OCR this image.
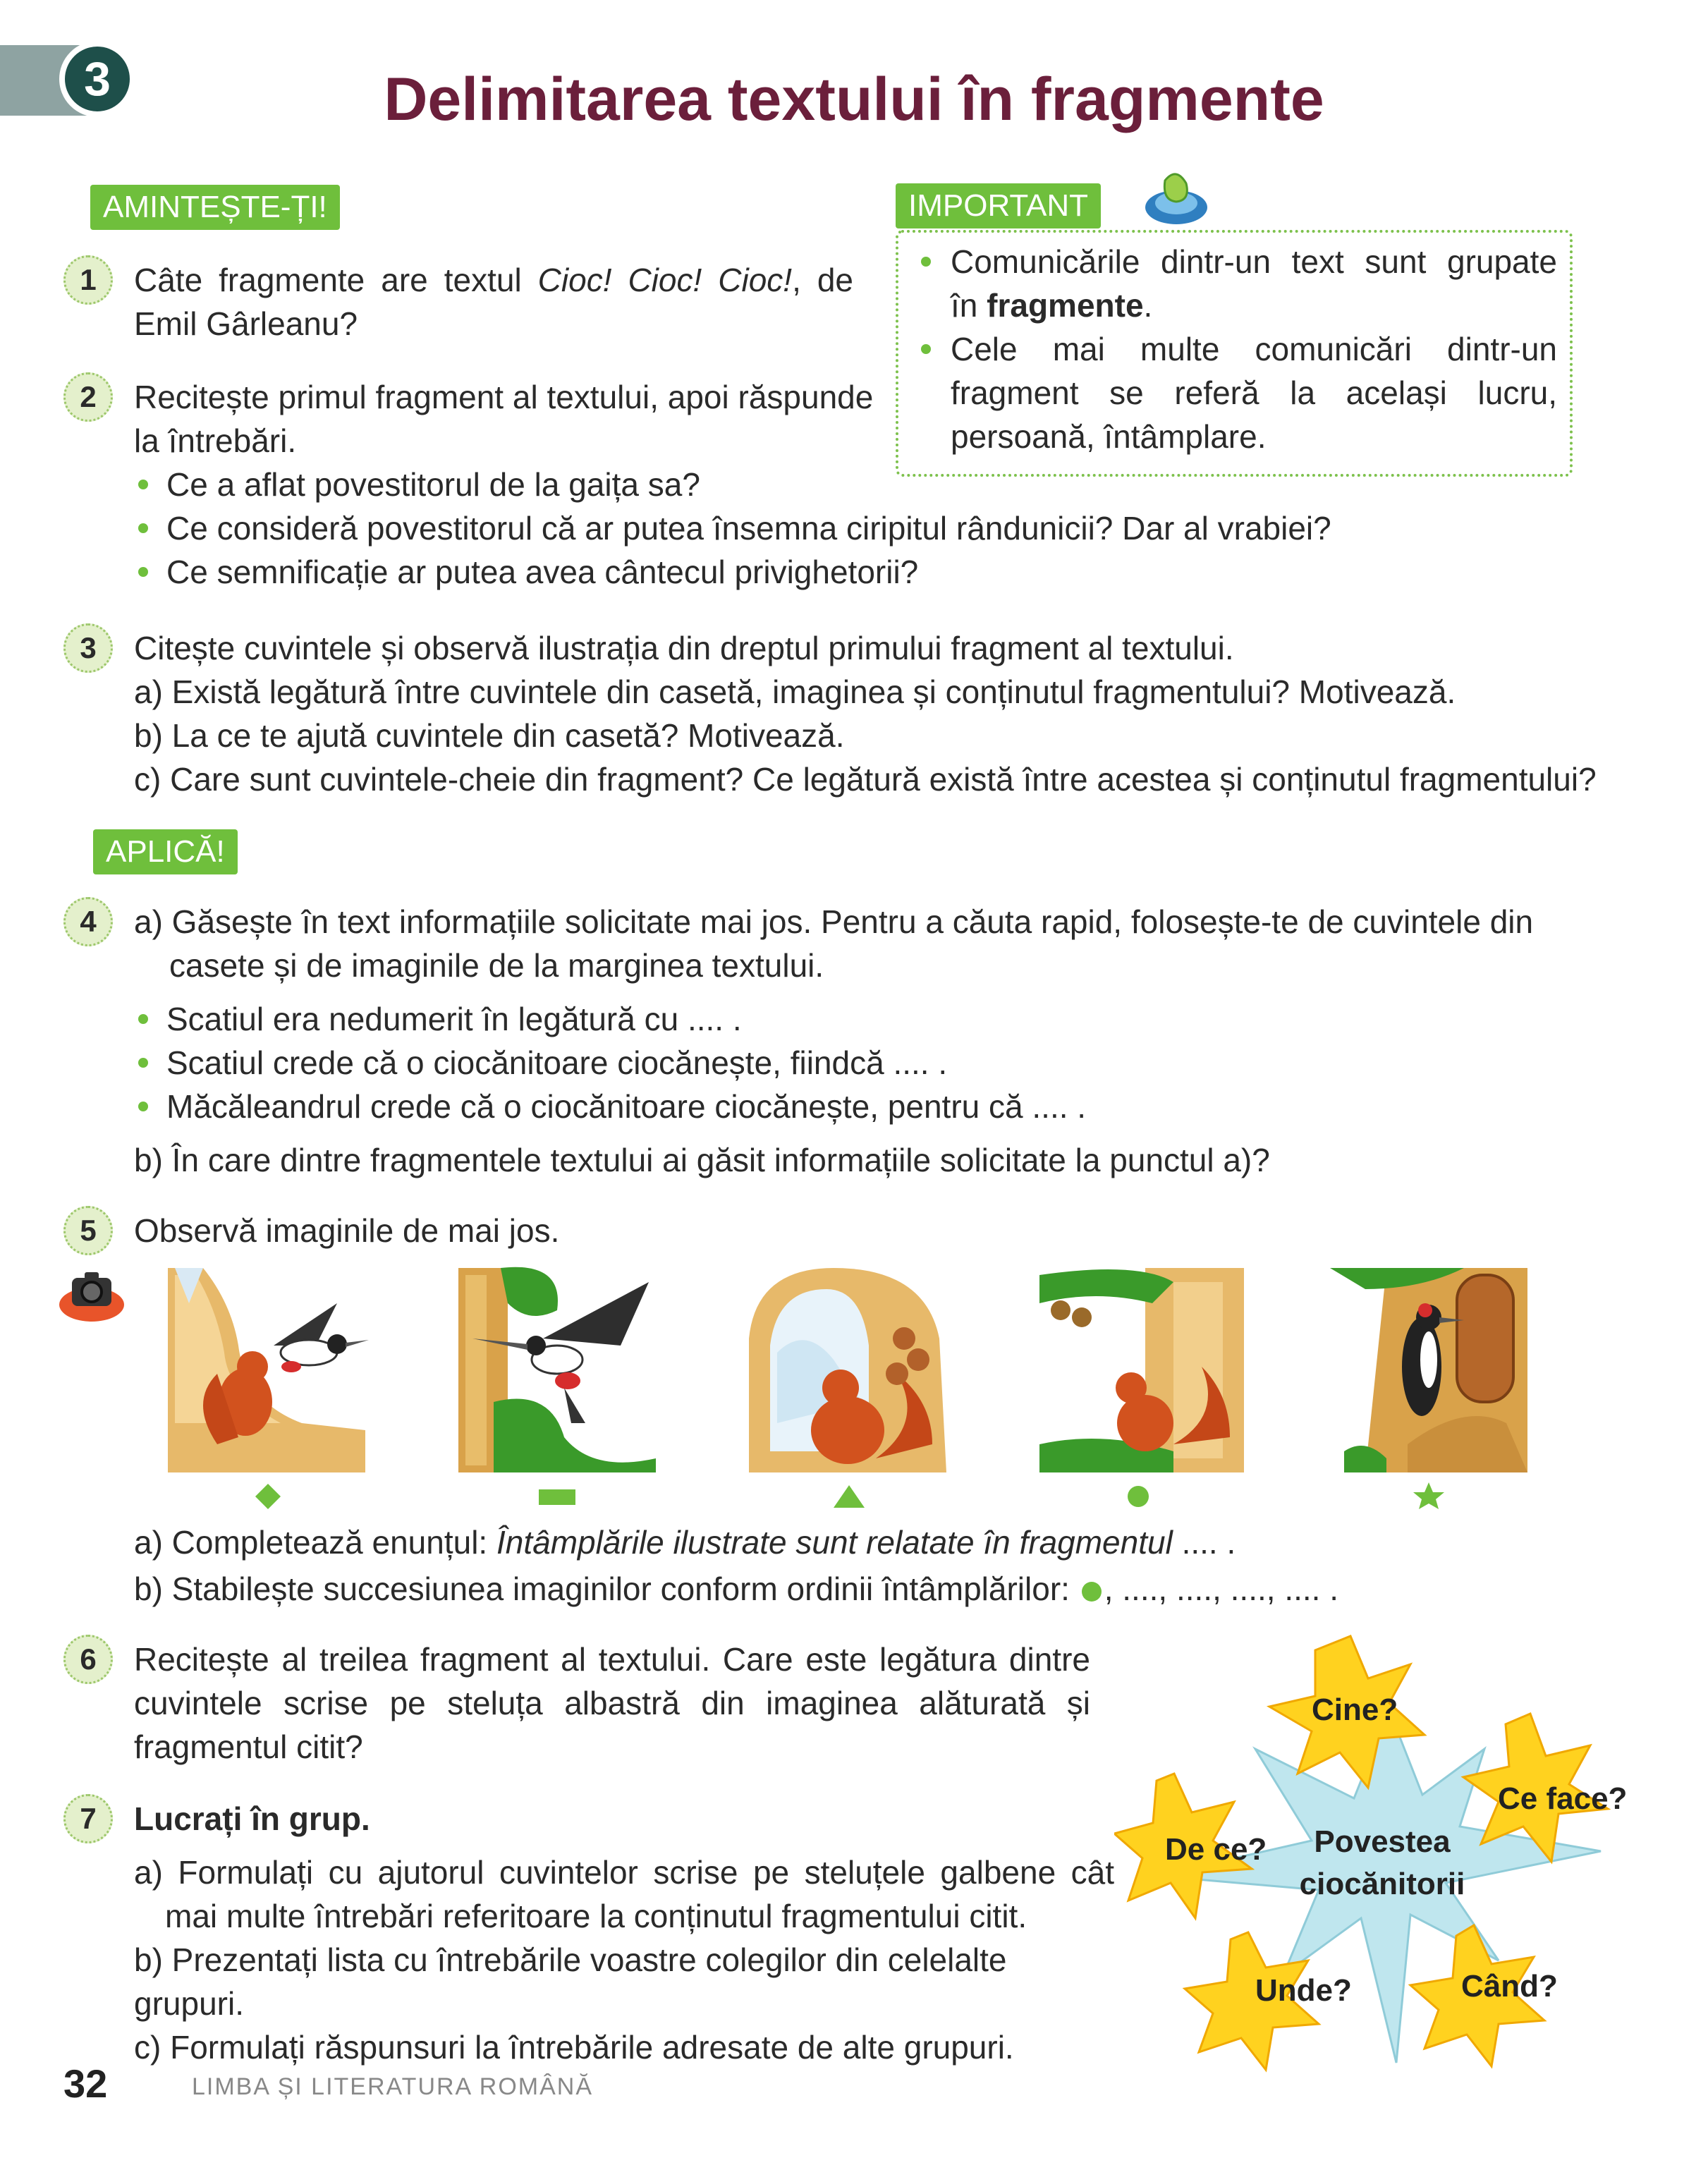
3	Delimitarea textului în fragmente
AMINTEȘTE-ȚI!
1	Câte fragmente are textul Cioc! Cioc! Cioc!, de
Emil Gârleanu?
2	Recitește primul fragment al textului, apoi răspunde
la întrebări.
Ce a aflat povestitorul de la gaița sa?
Ce consideră povestitorul că ar putea însemna ciripitul rândunicii? Dar al vrabiei?
Ce semnificație ar putea avea cântecul privighetorii?
IMPORTANT
Comunicările dintr-un text sunt grupate
în fragmente.
Cele mai multe comunicări dintr-un
fragment se referă la același lucru,
persoană, întâmplare.
3	Citește cuvintele și observă ilustrația din dreptul primului fragment al textului.
a) Există legătură între cuvintele din casetă, imaginea și conținutul fragmentului? Motivează.
b) La ce te ajută cuvintele din casetă? Motivează.
c) Care sunt cuvintele-cheie din fragment? Ce legătură există între acestea și conținutul fragmentului?
APLICĂ!
4	a) Găsește în text informațiile solicitate mai jos. Pentru a căuta rapid, folosește-te de cuvintele din
casete și de imaginile de la marginea textului.
Scatiul era nedumerit în legătură cu .... .
Scatiul crede că o ciocănitoare ciocănește, fiindcă .... .
Măcăleandrul crede că o ciocănitoare ciocănește, pentru că .... .
b) În care dintre fragmentele textului ai găsit informațiile solicitate la punctul a)?
5	Observă imaginile de mai jos.
a) Completează enunțul: Întâmplările ilustrate sunt relatate în fragmentul .... .
b) Stabilește succesiunea imaginilor conform ordinii întâmplărilor: , ...., ...., ...., .... .
6	Recitește al treilea fragment al textului. Care este legătura dintre
cuvintele scrise pe steluța albastră din imaginea alăturată și
fragmentul citit?
7	Lucrați în grup.
a) Formulați cu ajutorul cuvintelor scrise pe steluțele galbene cât
mai multe întrebări referitoare la conținutul fragmentului citit.
b) Prezentați lista cu întrebările voastre colegilor din celelalte grupuri.
c) Formulați răspunsuri la întrebările adresate de alte grupuri.
Cine?
Ce face?
De ce?
Unde?	Când?
Povestea
ciocănitorii
32	LIMBA ȘI LITERATURA ROMÂNĂ
